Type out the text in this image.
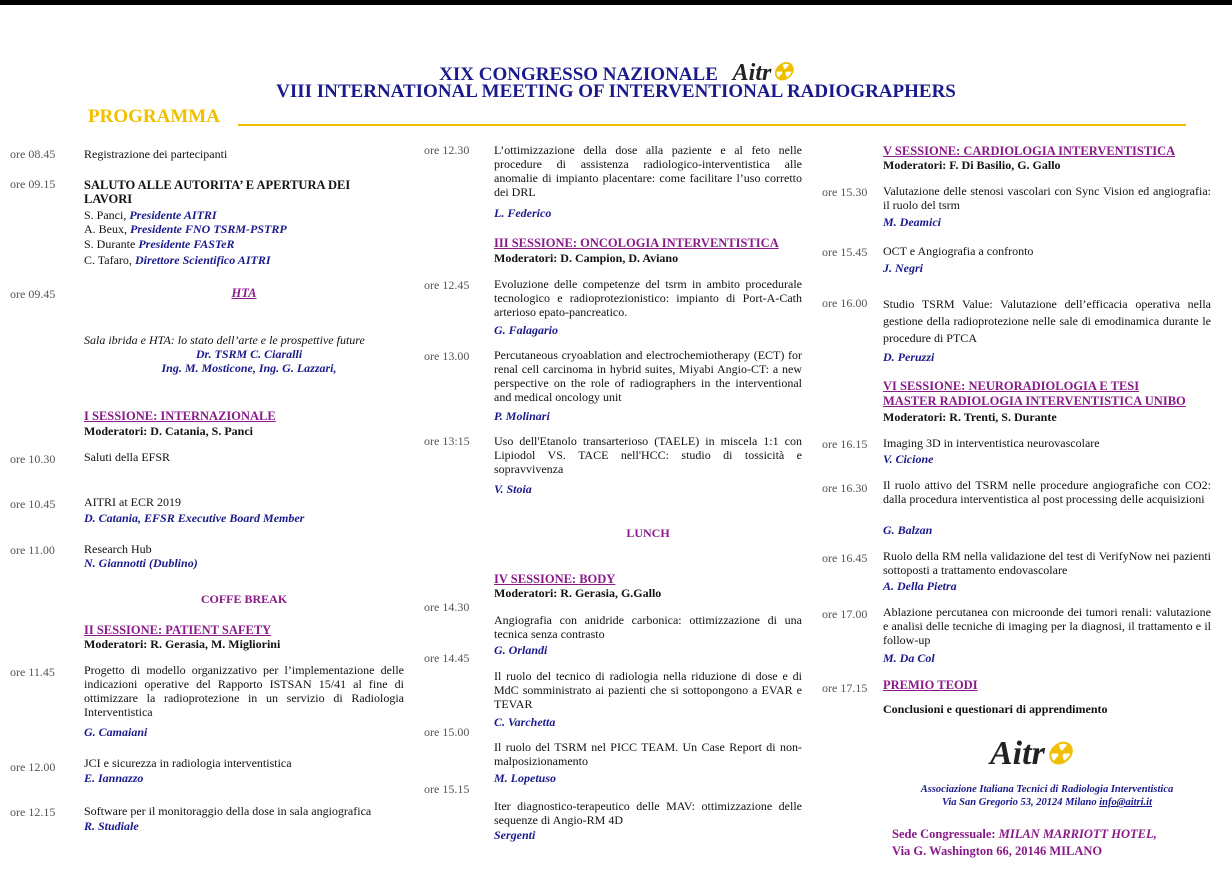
XIX CONGRESSO NAZIONALE Aitr☢
VIII INTERNATIONAL MEETING OF INTERVENTIONAL RADIOGRAPHERS
PROGRAMMA
ore 08.45 Registrazione dei partecipanti
ore 09.15 SALUTO ALLE AUTORITA’ E APERTURA DEI LAVORI
S. Panci, Presidente AITRI
A. Beux, Presidente FNO TSRM-PSTRP
S. Durante Presidente FASTeR
C. Tafaro, Direttore Scientifico AITRI
ore 09.45	HTA
Sala ibrida e HTA: lo stato dell’arte e le prospettive future
Dr. TSRM C. Ciaralli
Ing. M. Mosticone, Ing. G. Lazzari,
I SESSIONE: INTERNAZIONALE
Moderatori: D. Catania, S. Panci
ore 10.30 Saluti della EFSR
ore 10.45 AITRI at ECR 2019
D. Catania, EFSR Executive Board Member
ore 11.00 Research Hub
N. Giannotti (Dublino)
COFFE BREAK
II SESSIONE: PATIENT SAFETY
Moderatori: R. Gerasia, M. Migliorini
ore 11.45 Progetto di modello organizzativo per l’implementazione delle indicazioni operative del Rapporto ISTSAN 15/41 al fine di ottimizzare la radioprotezione in un servizio di Radiologia Interventistica
G. Camaiani
ore 12.00 JCI e sicurezza in radiologia interventistica
E. Iannazzo
ore 12.15 Software per il monitoraggio della dose in sala angiografica
R. Studiale
ore 12.30 L’ottimizzazione della dose alla paziente e al feto nelle procedure di assistenza radiologico-interventistica alle anomalie di impianto placentare: come facilitare l’uso corretto dei DRL
L. Federico
III SESSIONE: ONCOLOGIA INTERVENTISTICA
Moderatori: D. Campion, D. Aviano
ore 12.45 Evoluzione delle competenze del tsrm in ambito procedurale tecnologico e radioprotezionistico: impianto di Port-A-Cath arterioso epato-pancreatico.
G. Falagario
ore 13.00 Percutaneous cryoablation and electrochemiotherapy (ECT) for renal cell carcinoma in hybrid suites, Miyabi Angio-CT: a new perspective on the role of radiographers in the interventional and medical oncology unit
P. Molinari
ore 13:15 Uso dell'Etanolo transarterioso (TAELE) in miscela 1:1 con Lipiodol VS. TACE nell'HCC: studio di tossicità e sopravvivenza
V. Stoia
LUNCH
IV SESSIONE: BODY
Moderatori: R. Gerasia, G.Gallo
ore 14.30
Angiografia con anidride carbonica: ottimizzazione di una tecnica senza contrasto
G. Orlandi
ore 14.45
Il ruolo del tecnico di radiologia nella riduzione di dose e di MdC somministrato ai pazienti che si sottopongono a EVAR e TEVAR
C. Varchetta
ore 15.00
Il ruolo del TSRM nel PICC TEAM. Un Case Report di non-malposizionamento
M. Lopetuso
ore 15.15
Iter diagnostico-terapeutico delle MAV: ottimizzazione delle sequenze di Angio-RM 4D
Sergenti
V SESSIONE: CARDIOLOGIA INTERVENTISTICA
Moderatori: F. Di Basilio, G. Gallo
ore 15.30 Valutazione delle stenosi vascolari con Sync Vision ed angiografia: il ruolo del tsrm
M. Deamici
ore 15.45 OCT e Angiografia a confronto
J. Negri
ore 16.00 Studio TSRM Value: Valutazione dell’efficacia operativa nella gestione della radioprotezione nelle sale di emodinamica durante le procedure di PTCA
D. Peruzzi
VI SESSIONE: NEURORADIOLOGIA E TESI
MASTER RADIOLOGIA INTERVENTISTICA UNIBO
Moderatori: R. Trenti, S. Durante
ore 16.15 Imaging 3D in interventistica neurovascolare
V. Cicione
ore 16.30 Il ruolo attivo del TSRM nelle procedure angiografiche con CO2: dalla procedura interventistica al post processing delle acquisizioni
G. Balzan
ore 16.45 Ruolo della RM nella validazione del test di VerifyNow nei pazienti sottoposti a trattamento endovascolare
A. Della Pietra
ore 17.00 Ablazione percutanea con microonde dei tumori renali: valutazione e analisi delle tecniche di imaging per la diagnosi, il trattamento e il follow-up
M. Da Col
ore 17.15 PREMIO TEODI
Conclusioni e questionari di apprendimento
Aitr☢
Associazione Italiana Tecnici di Radiologia Interventistica
Via San Gregorio 53, 20124 Milano info@aitri.it
Sede Congressuale: MILAN MARRIOTT HOTEL,
Via G. Washington 66, 20146 MILANO
